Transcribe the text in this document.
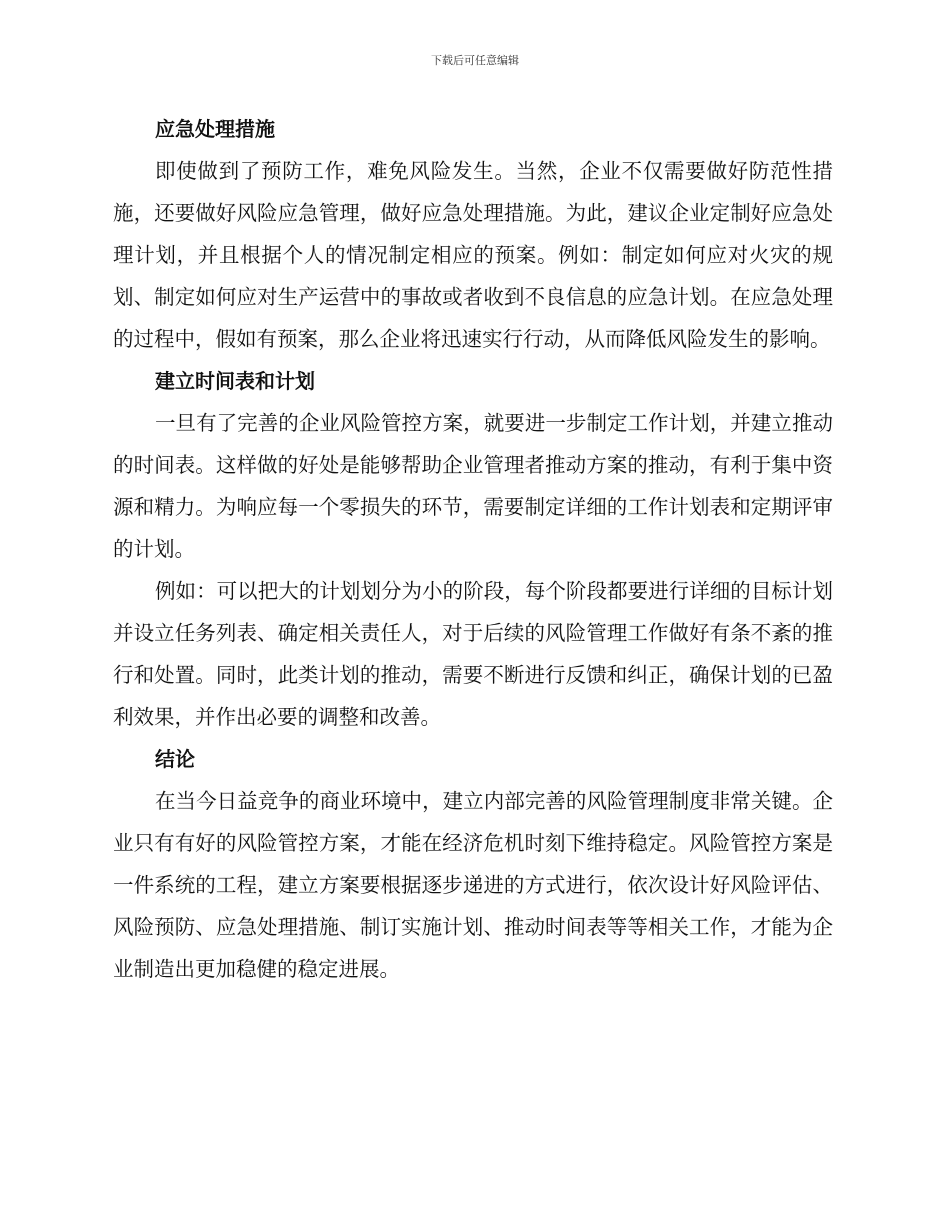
下载后可任意编辑
应急处理措施

即使做到了预防工作，难免风险发生。当然，企业不仅需要做好防范性措施，还要做好风险应急管理，做好应急处理措施。为此，建议企业定制好应急处理计划，并且根据个人的情况制定相应的预案。例如：制定如何应对火灾的规划、制定如何应对生产运营中的事故或者收到不良信息的应急计划。在应急处理的过程中，假如有预案，那么企业将迅速实行行动，从而降低风险发生的影响。

建立时间表和计划

一旦有了完善的企业风险管控方案，就要进一步制定工作计划，并建立推动的时间表。这样做的好处是能够帮助企业管理者推动方案的推动，有利于集中资源和精力。为响应每一个零损失的环节，需要制定详细的工作计划表和定期评审的计划。

例如：可以把大的计划划分为小的阶段，每个阶段都要进行详细的目标计划并设立任务列表、确定相关责任人，对于后续的风险管理工作做好有条不紊的推行和处置。同时，此类计划的推动，需要不断进行反馈和纠正，确保计划的已盈利效果，并作出必要的调整和改善。

结论

在当今日益竞争的商业环境中，建立内部完善的风险管理制度非常关键。企业只有有好的风险管控方案，才能在经济危机时刻下维持稳定。风险管控方案是一件系统的工程，建立方案要根据逐步递进的方式进行，依次设计好风险评估、风险预防、应急处理措施、制订实施计划、推动时间表等等相关工作，才能为企业制造出更加稳健的稳定进展。
